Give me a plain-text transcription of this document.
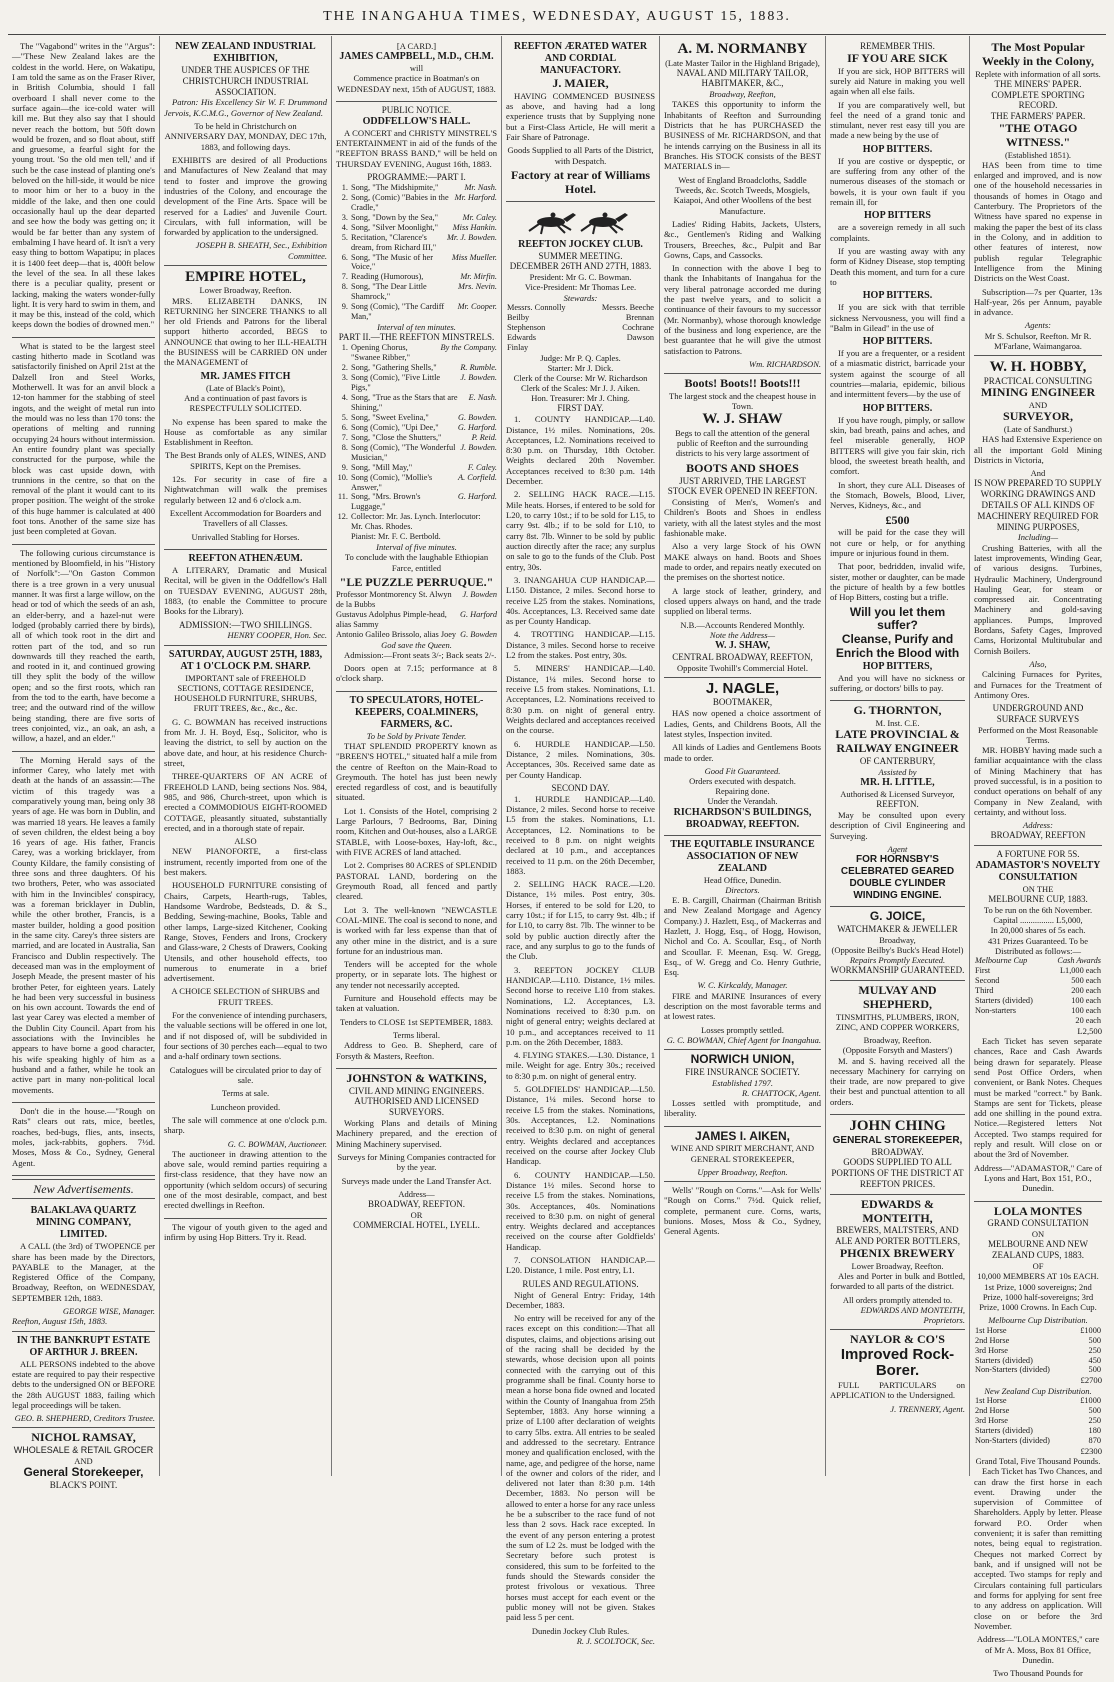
THE INANGAHUA TIMES, WEDNESDAY, AUGUST 15, 1883.

The "Vagabond" writes in the "Argus":—"These New Zealand lakes are the coldest in the world. Here, on Wakatipu, I am told the same as on the Fraser River, in British Columbia, should I fall overboard I shall never come to the surface again—the ice-cold water will kill me. But they also say that I should never reach the bottom, but 50ft down would be frozen, and so float about, stiff and gruesome, a fearful sight for the young trout. 'So the old men tell,' and if such be the case instead of planting one's beloved on the hill-side, it would be nice to moor him or her to a buoy in the middle of the lake, and then one could occasionally haul up the dear departed and see how the body was getting on; it would be far better than any system of embalming I have heard of. It isn't a very easy thing to bottom Wapatipu; in places it is 1400 feet deep—that is, 400ft below the level of the sea. In all these lakes there is a peculiar quality, present or lacking, making the waters wonder-fully light. It is very hard to swim in them, and it may be this, instead of the cold, which keeps down the bodies of drowned men."

What is stated to be the largest steel casting hitherto made in Scotland was satisfactorily finished on April 21st at the Dalzell Iron and Steel Works, Motherwell. It was for an anvil block a 12-ton hammer for the stabbing of steel ingots, and the weight of metal run into the mould was no less than 170 tons: the operations of melting and running occupying 24 hours without intermission. An entire foundry plant was specially constructed for the purpose, while the block was cast upside down, with trunnions in the centre, so that on the removal of the plant it would cant to its proper position. The weight of the stroke of this huge hammer is calculated at 400 foot tons. Another of the same size has just been completed at Govan.

The following curious circumstance is mentioned by Bloomfield, in his "History of Norfolk":—"On Gaston Common there is a tree grown in a very unusual manner. It was first a large willow, on the head or tod of which the seeds of an ash, an elder-berry, and a hazel-nut were lodged (probably carried there by birds), all of which took root in the dirt and rotten part of the tod, and so run downwards till they reached the earth, and rooted in it, and continued growing till they split the body of the willow open; and so the first roots, which ran from the tod to the earth, have become a tree; and the outward rind of the willow being standing, there are five sorts of trees conjointed, viz., an oak, an ash, a willow, a hazel, and an elder."

The Morning Herald says of the informer Carey, who lately met with death at the hands of an assassin:—The victim of this tragedy was a comparatively young man, being only 38 years of age. He was born in Dublin, and was married 18 years. He leaves a family of seven children, the eldest being a boy 16 years of age. His father, Francis Carey, was a working bricklayer, from County Kildare, the family consisting of three sons and three daughters. Of his two brothers, Peter, who was associated with him in the Invincibles' conspiracy, was a foreman bricklayer in Dublin, while the other brother, Francis, is a master builder, holding a good position in the same city. Carey's three sisters are married, and are located in Australia, San Francisco and Dublin respectively. The deceased man was in the employment of Joseph Meade, the present master of his brother Peter, for eighteen years. Lately he had been very successful in business on his own account. Towards the end of last year Carey was elected a member of the Dublin City Council. Apart from his associations with the Invincibles he appears to have borne a good character, his wife speaking highly of him as a husband and a father, while he took an active part in many non-political local movements.

Don't die in the house.—"Rough on Rats" clears out rats, mice, beetles, roaches, bed-bugs, flies, ants, insects, moles, jack-rabbits, gophers. 7½d. Moses, Moss & Co., Sydney, General Agent.

New Advertisements.
BALAKLAVA QUARTZ MINING COMPANY, LIMITED.

A CALL (the 3rd) of TWOPENCE per share has been made by the Directors, PAYABLE to the Manager, at the Registered Office of the Company, Broadway, Reefton, on WEDNESDAY, SEPTEMBER 12th, 1883.

GEORGE WISE, Manager.
Reefton, August 15th, 1883.
IN THE BANKRUPT ESTATE OF ARTHUR J. BREEN.

ALL PERSONS indebted to the above estate are required to pay their respective debts to the undersigned ON or BEFORE the 28th AUGUST 1883, failing which legal proceedings will be taken.

GEO. B. SHEPHERD, Creditors Trustee.
NICHOL RAMSAY,
WHOLESALE & RETAIL GROCER
AND
General Storekeeper,
BLACK'S POINT.
NEW ZEALAND INDUSTRIAL EXHIBITION,
UNDER THE AUSPICES OF THE CHRISTCHURCH INDUSTRIAL ASSOCIATION.

Patron: His Excellency Sir W. F. Drummond Jervois, K.C.M.G., Governor of New Zealand.

To be held in Christchurch on ANNIVERSARY DAY, MONDAY, DEC 17th, 1883, and following days.

EXHIBITS are desired of all Productions and Manufactures of New Zealand that may tend to foster and improve the growing industries of the Colony, and encourage the development of the Fine Arts. Space will be reserved for a Ladies' and Juvenile Court. Circulars, with full information, will be forwarded by application to the undersigned.

JOSEPH B. SHEATH, Sec., Exhibition Committee.
EMPIRE HOTEL,
Lower Broadway, Reefton.

MRS. ELIZABETH DANKS, IN RETURNING her SINCERE THANKS to all her old Friends and Patrons for the liberal support hitherto accorded, BEGS to ANNOUNCE that owing to her ILL-HEALTH the BUSINESS will be CARRIED ON under the MANAGEMENT of

MR. JAMES FITCH
(Late of Black's Point),

And a continuation of past favors is RESPECTFULLY SOLICITED.

No expense has been spared to make the House as comfortable as any similar Establishment in Reefton.

The Best Brands only of ALES, WINES, AND SPIRITS, Kept on the Premises.

12s. For security in case of fire a Nightwatchman will walk the premises regularly between 12 and 6 o'clock a.m.

Excellent Accommodation for Boarders and Travellers of all Classes.

Unrivalled Stabling for Horses.

REEFTON ATHENÆUM.

A LITERARY, Dramatic and Musical Recital, will be given in the Oddfellow's Hall on TUESDAY EVENING, AUGUST 28th, 1883, (to enable the Committee to procure Books for the Library).

ADMISSION:—TWO SHILLINGS.
HENRY COOPER, Hon. Sec.
SATURDAY, AUGUST 25TH, 1883, AT 1 O'CLOCK P.M. SHARP.

IMPORTANT sale of FREEHOLD SECTIONS, COTTAGE RESIDENCE, HOUSEHOLD FURNITURE, SHRUBS, FRUIT TREES, &c., &c., &c.

G. C. BOWMAN has received instructions from Mr. J. H. Boyd, Esq., Solicitor, who is leaving the district, to sell by auction on the above date, and hour, at his residence Church-street,

THREE-QUARTERS OF AN ACRE of FREEHOLD LAND, being sections Nos. 984, 985, and 986, Church-street, upon which is erected a COMMODIOUS EIGHT-ROOMED COTTAGE, pleasantly situated, substantially erected, and in a thorough state of repair.

ALSO

NEW PIANOFORTE, a first-class instrument, recently imported from one of the best makers.

HOUSEHOLD FURNITURE consisting of Chairs, Carpets, Hearth-rugs, Tables, Handsome Wardrobe, Bedsteads, D. & S., Bedding, Sewing-machine, Books, Table and other lamps, Large-sized Kitchener, Cooking Range, Stoves, Fenders and Irons, Crockery and Glass-ware, 2 Chests of Drawers, Cooking Utensils, and other household effects, too numerous to enumerate in a brief advertisement.

A CHOICE SELECTION of SHRUBS and FRUIT TREES.

For the convenience of intending purchasers, the valuable sections will be offered in one lot, and if not disposed of, will be subdivided in four sections of 30 perches each—equal to two and a-half ordinary town sections.

Catalogues will be circulated prior to day of sale.

Terms at sale.

Luncheon provided.

The sale will commence at one o'clock p.m. sharp.

G. C. BOWMAN, Auctioneer.

The auctioneer in drawing attention to the above sale, would remind parties requiring a first-class residence, that they have now an opportunity (which seldom occurs) of securing one of the most desirable, compact, and best erected dwellings in Reefton.

The vigour of youth given to the aged and infirm by using Hop Bitters. Try it. Read.

[A CARD.]
JAMES CAMPBELL, M.D., CH.M.
will

Commence practice in Boatman's on WEDNESDAY next, 15th of AUGUST, 1883.

PUBLIC NOTICE.
ODDFELLOW'S HALL.

A CONCERT and CHRISTY MINSTREL'S ENTERTAINMENT in aid of the funds of the "REEFTON BRASS BAND," will be held on THURSDAY EVENING, August 16th, 1883.

PROGRAMME:—PART I.
1. Song, "The Midshipmite,"	Mr. Nash.
2. Song, (Comic) "Babies in the Cradle,"
Mr. Harford.
3. Song, "Down by the Sea,"	Mr. Caley.
4. Song, "Silver Moonlight,"	Miss Hankin.
5. Recitation, "Clarence's dream, from Richard III,"
Mr. J. Bowden.
6. Song, "The Music of her Voice,"
Miss Mueller.
7. Reading (Humorous),	Mr. Mirfin.
8. Song, "The Dear Little Shamrock,"
Mrs. Nevin.
9. Song (Comic), "The Cardiff Man,"
Mr. Cooper.
Interval of ten minutes.
PART II.—THE REEFTON MINSTRELS.
1. Opening Chorus, "Swanee Ribber,"
By the Company.
2. Song, "Gathering Shells,"	R. Rumble.
3. Song (Comic), "Five Little Pigs,"
J. Bowden.
4. Song, "True as the Stars that are Shining,"
E. Nash.
5. Song, "Sweet Evelina,"	G. Bowden.
6. Song (Comic), "Upi Dee,"	G. Harford.
7. Song, "Close the Shutters,"	P. Reid.
8. Song (Comic), "The Wonderful Musician,"
J. Bowden.
9. Song, "Mill May,"	F. Caley.
10. Song (Comic), "Mollie's Answer,"
A. Corfield.
11. Song, "Mrs. Brown's Luggage,"
G. Harford.
12. Collector: Mr. Jas. Lynch. Interlocutor: Mr. Chas. Rhodes.
Pianist: Mr. F. C. Bertbold.
Interval of five minutes.

To conclude with the laughable Ethiopian Farce, entitled

"LE PUZZLE PERRUQUE."
Professor Montmorency St. Alwyn de la Bubbs
J. Bowden
Gustavus Adolphus Pimple-head, alias Sammy
G. Harford
Antonio Galileo Brissolo, alias Joey G. Bowden
God save the Queen.

Admission:—Front seats 3/-; Back seats 2/-.

Doors open at 7.15; performance at 8 o'clock sharp.

TO SPECULATORS, HOTEL-KEEPERS, COALMINERS, FARMERS, &C.
To be Sold by Private Tender.

THAT SPLENDID PROPERTY known as "BREEN'S HOTEL," situated half a mile from the centre of Reefton on the Main-Road to Greymouth. The hotel has just been newly erected regardless of cost, and is beautifully situated.

Lot 1. Consists of the Hotel, comprising 2 Large Parlours, 7 Bedrooms, Bar, Dining room, Kitchen and Out-houses, also a LARGE STABLE, with Loose-boxes, Hay-loft, &c., with FIVE ACRES of land attached.

Lot 2. Comprises 80 ACRES of SPLENDID PASTORAL LAND, bordering on the Greymouth Road, all fenced and partly cleared.

Lot 3. The well-known "NEWCASTLE COAL-MINE. The coal is second to none, and is worked with far less expense than that of any other mine in the district, and is a sure fortune for an industrious man.

Tenders will be accepted for the whole property, or in separate lots. The highest or any tender not necessarily accepted.

Furniture and Household effects may be taken at valuation.

Tenders to CLOSE 1st SEPTEMBER, 1883.

Terms liberal.

Address to Geo. B. Shepherd, care of Forsyth & Masters, Reefton.

JOHNSTON & WATKINS,
CIVIL AND MINING ENGINEERS.
AUTHORISED AND LICENSED SURVEYORS.

Working Plans and details of Mining Machinery prepared, and the erection of Mining Machinery supervised.

Surveys for Mining Companies contracted for by the year.

Surveys made under the Land Transfer Act.

Address—
BROADWAY, REEFTON.
OR
COMMERCIAL HOTEL, LYELL.
REEFTON ÆRATED WATER AND CORDIAL MANUFACTORY.
J. MAIER,

HAVING COMMENCED BUSINESS as above, and having had a long experience trusts that by Supplying none but a First-Class Article, He will merit a Fair Share of Patronage.

Goods Supplied to all Parts of the District, with Despatch.

Factory at rear of Williams Hotel.
REEFTON JOCKEY CLUB.
SUMMER MEETING.
DECEMBER 26TH AND 27TH, 1883.
President: Mr G. C. Bowman.
Vice-President: Mr Thomas Lee.
Stewards:
Messrs. Connolly	Messrs. Beeche
Beilby	Brennan
Stephenson	Cochrane
Edwards	Dawson
Finlay	
Judge: Mr P. Q. Caples.
Starter: Mr J. Dick.
Clerk of the Course: Mr W. Richardson
Clerk of the Scales: Mr J. J. Aiken.
Hon. Treasurer: Mr J. Ching.
FIRST DAY.

1. COUNTY HANDICAP.—L40. Distance, 1½ miles. Nominations, 20s. Acceptances, L2. Nominations received to 8:30 p.m. on Thursday, 18th October. Weights declared 20th November. Acceptances received to 8:30 p.m. 14th December.

2. SELLING HACK RACE.—L15. Mile heats. Horses, if entered to be sold for L20, to carry 10st.; if to be sold for L15, to carry 9st. 4lb.; if to be sold for L10, to carry 8st. 7lb. Winner to be sold by public auction directly after the race; any surplus on sale to go to the funds of the Club. Post entry, 30s.

3. INANGAHUA CUP HANDICAP.—L150. Distance, 2 miles. Second horse to receive L25 from the stakes. Nominations, 40s. Acceptances, L3. Received same date as per County Handicap.

4. TROTTING HANDICAP.—L15. Distance, 3 miles. Second horse to receive L2 from the stakes. Post entry, 30s.

5. MINERS' HANDICAP.—L40. Distance, 1¼ miles. Second horse to receive L5 from stakes. Nominations, L1. Acceptances, L2. Nominations received to 8:30 p.m. on night of general entry. Weights declared and acceptances received on the course.

6. HURDLE HANDICAP.—L50. Distance, 2 miles. Nominations, 30s. Acceptances, 30s. Received same date as per County Handicap.

SECOND DAY.

1. HURDLE HANDICAP.—L40. Distance, 2 miles. Second horse to receive L5 from the stakes. Nominations, L1. Acceptances, L2. Nominations to be received to 8 p.m. on night weights declared at 10 p.m., and acceptances received to 11 p.m. on the 26th December, 1883.

2. SELLING HACK RACE.—L20. Distance, 1½ miles. Post entry, 30s. Horses, if entered to be sold for L20, to carry 10st.; if for L15, to carry 9st. 4lb.; if for L10, to carry 8st. 7lb. The winner to be sold by public auction directly after the race, and any surplus to go to the funds of the Club.

3. REEFTON JOCKEY CLUB HANDICAP.—L110. Distance, 1½ miles. Second horse to receive L10 from stakes. Nominations, L2. Acceptances, L3. Nominations received to 8:30 p.m. on night of general entry; weights declared at 10 p.m., and acceptances received to 11 p.m. on the 26th December, 1883.

4. FLYING STAKES.—L30. Distance, 1 mile. Weight for age. Entry 30s.; received to 8:30 p.m. on night of general entry.

5. GOLDFIELDS' HANDICAP.—L50. Distance, 1¼ miles. Second horse to receive L5 from the stakes. Nominations, 30s. Acceptances, L2. Nominations received to 8:30 p.m. on night of general entry. Weights declared and acceptances received on the course after Jockey Club Handicap.

6. COUNTY HANDICAP.—L50. Distance 1½ miles. Second horse to receive L5 from the stakes. Nominations, 30s. Acceptances, 40s. Nominations received to 8:30 p.m. on night of general entry. Weights declared and acceptances received on the course after Goldfields' Handicap.

7. CONSOLATION HANDICAP.—L20. Distance, 1 mile. Post entry, L1.

RULES AND REGULATIONS.

Night of General Entry: Friday, 14th December, 1883.

No entry will be received for any of the races except on this condition:—That all disputes, claims, and objections arising out of the racing shall be decided by the stewards, whose decision upon all points connected with the carrying out of this programme shall be final. County horse to mean a horse bona fide owned and located within the County of Inangahua from 25th September, 1883. Any horse winning a prize of L100 after declaration of weights to carry 5lbs. extra. All entries to be sealed and addressed to the secretary. Entrance money and qualification enclosed, with the name, age, and pedigree of the horse, name of the owner and colors of the rider, and delivered not later than 8:30 p.m. 14th December, 1883. No person will be allowed to enter a horse for any race unless he be a subscriber to the race fund of not less than 2 sovs. Hack race excepted. In the event of any person entering a protest the sum of L2 2s. must be lodged with the Secretary before such protest is considered, this sum to be forfeited to the funds should the Stewards consider the protest frivolous or vexatious. Three horses must accept for each event or the public money will not be given. Stakes paid less 5 per cent.

Dunedin Jockey Club Rules.
R. J. SCOLTOCK, Sec.
A. M. NORMANBY
(Late Master Tailor in the Highland Brigade),
NAVAL AND MILITARY TAILOR, HABITMAKER, &C.,
Broadway, Reefton,

TAKES this opportunity to inform the Inhabitants of Reefton and Surrounding Districts that he has PURCHASED the BUSINESS of Mr. RICHARDSON, and that he intends carrying on the Business in all its Branches. His STOCK consists of the BEST MATERIALS in—

West of England Broadcloths, Saddle Tweeds, &c. Scotch Tweeds, Mosgiels, Kaiapoi, And other Woollens of the best Manufacture.

Ladies' Riding Habits, Jackets, Ulsters, &c., Gentlemen's Riding and Walking Trousers, Breeches, &c., Pulpit and Bar Gowns, Caps, and Cassocks.

In connection with the above I beg to thank the Inhabitants of Inangahua for the very liberal patronage accorded me during the past twelve years, and to solicit a continuance of their favours to my successor (Mr. Normanby), whose thorough knowledge of the business and long experience, are the best guarantee that he will give the utmost satisfaction to Patrons.

Wm. RICHARDSON.
Boots! Boots!! Boots!!!
The largest stock and the cheapest house in Town.
W. J. SHAW

Begs to call the attention of the general public of Reefton and the surrounding districts to his very large assortment of

BOOTS AND SHOES
JUST ARRIVED, THE LARGEST STOCK EVER OPENED IN REEFTON.

Consisting of Men's, Women's and Children's Boots and Shoes in endless variety, with all the latest styles and the most fashionable make.

Also a very large Stock of his OWN MAKE always on hand. Boots and Shoes made to order, and repairs neatly executed on the premises on the shortest notice.

A large stock of leather, grindery, and closed uppers always on hand, and the trade supplied on liberal terms.

N.B.—Accounts Rendered Monthly.
Note the Address—
W. J. SHAW,
CENTRAL BROADWAY, REEFTON,
Opposite Twohill's Commercial Hotel.
J. NAGLE,
BOOTMAKER,

HAS now opened a choice assortment of Ladies, Gents, and Childrens Boots, All the latest styles, Inspection invited.

All kinds of Ladies and Gentlemens Boots made to order.

Good Fit Guaranteed.
Orders executed with despatch.
Repairing done.
Under the Verandah.
RICHARDSON'S BUILDINGS, BROADWAY, REEFTON.
THE EQUITABLE INSURANCE ASSOCIATION OF NEW ZEALAND
Head Office, Dunedin.
Directors.

E. B. Cargill, Chairman (Chairman British and New Zealand Mortgage and Agency Company.) J. Hazlett, Esq., of Mackerras and Hazlett, J. Hogg, Esq., of Hogg, Howison, Nichol and Co. A. Scoullar, Esq., of North and Scoullar. F. Meenan, Esq. W. Gregg, Esq., of W. Gregg and Co. Henry Guthrie, Esq.

W. C. Kirkcaldy, Manager.

FIRE and MARINE Insurances of every description on the most favorable terms and at lowest rates.

Losses promptly settled.
G. C. BOWMAN, Chief Agent for Inangahua.
NORWICH UNION,
FIRE INSURANCE SOCIETY.
Established 1797.
R. CHATTOCK, Agent.

Losses settled with promptitude, and liberality.

JAMES I. AIKEN,

WINE AND SPIRIT MERCHANT, AND GENERAL STOREKEEPER,

Upper Broadway, Reefton.

Wells' "Rough on Corns."—Ask for Wells' "Rough on Corns." 7½d. Quick relief, complete, permanent cure. Corns, warts, bunions. Moses, Moss & Co., Sydney, General Agents.

REMEMBER THIS.
IF YOU ARE SICK

If you are sick, HOP BITTERS will surely aid Nature in making you well again when all else fails.

If you are comparatively well, but feel the need of a grand tonic and stimulant, never rest easy till you are made a new being by the use of

HOP BITTERS.

If you are costive or dyspeptic, or are suffering from any other of the numerous diseases of the stomach or bowels, it is your own fault if you remain ill, for

HOP BITTERS

are a sovereign remedy in all such complaints.

If you are wasting away with any form of Kidney Disease, stop tempting Death this moment, and turn for a cure to

HOP BITTERS.

If you are sick with that terrible sickness Nervousness, you will find a "Balm in Gilead" in the use of

HOP BITTERS.

If you are a frequenter, or a resident of a miasmatic district, barricade your system against the scourge of all countries—malaria, epidemic, bilious and intermittent fevers—by the use of

HOP BITTERS.

If you have rough, pimply, or sallow skin, bad breath, pains and aches, and feel miserable generally, HOP BITTERS will give you fair skin, rich blood, the sweetest breath health, and comfort.

In short, they cure ALL Diseases of the Stomach, Bowels, Blood, Liver, Nerves, Kidneys, &c., and

£500

will be paid for the case they will not cure or help, or for anything impure or injurious found in them.

That poor, bedridden, invalid wife, sister, mother or daughter, can be made the picture of health by a few bottles of Hop Bitters, costing but a trifle.

Will you let them suffer?
Cleanse, Purify and Enrich the Blood with
HOP BITTERS,

And you will have no sickness or suffering, or doctors' bills to pay.

G. THORNTON,
M. Inst. C.E.
LATE PROVINCIAL & RAILWAY ENGINEER
OF CANTERBURY,
Assisted by
MR. H. LITTLE,
Authorised & Licensed Surveyor,
REEFTON.

May be consulted upon every description of Civil Engineering and Surveying.

Agent
FOR HORNSBY'S CELEBRATED GEARED DOUBLE CYLINDER WINDING ENGINE.
G. JOICE,
WATCHMAKER & JEWELLER
Broadway,
(Opposite Beilby's Buck's Head Hotel)
Repairs Promptly Executed.
WORKMANSHIP GUARANTEED.
MULVAY AND SHEPHERD,

TINSMITHS, PLUMBERS, IRON, ZINC, AND COPPER WORKERS,

Broadway, Reefton.
(Opposite Forsyth and Masters')

M. and S. having received all the necessary Machinery for carrying on their trade, are now prepared to give their best and punctual attention to all orders.

JOHN CHING
GENERAL STOREKEEPER,
BROADWAY.
GOODS SUPPLIED TO ALL PORTIONS OF THE DISTRICT AT REEFTON PRICES.
EDWARDS & MONTEITH,
BREWERS, MALTSTERS, AND ALE AND PORTER BOTTLERS,
PHŒNIX BREWERY
Lower Broadway, Reefton.

Ales and Porter in bulk and Bottled, forwarded to all parts of the district.

All orders promptly attended to.
EDWARDS AND MONTEITH, Proprietors.
NAYLOR & CO'S
Improved Rock-Borer.

FULL PARTICULARS on APPLICATION to the Undersigned.

J. TRENNERY, Agent.
The Most Popular Weekly in the Colony,
Replete with information of all sorts.
THE MINERS' PAPER.
COMPLETE SPORTING RECORD.
THE FARMERS' PAPER.
"THE OTAGO WITNESS."
(Established 1851).

HAS been from time to time enlarged and improved, and is now one of the household necessaries in thousands of homes in Otago and Canterbury. The Proprietors of the Witness have spared no expense in making the paper the best of its class in the Colony, and in addition to other features of interest, now publish regular Telegraphic Intelligence from the Mining Districts on the West Coast.

Subscription—7s per Quarter, 13s Half-year, 26s per Annum, payable in advance.

Agents:
Mr S. Schulsor, Reefton. Mr R. M'Farlane, Waimangaroa.
W. H. HOBBY,
PRACTICAL CONSULTING
MINING ENGINEER
AND
SURVEYOR,
(Late of Sandhurst.)

HAS had Extensive Experience on all the important Gold Mining Districts in Victoria,

And
IS NOW PREPARED TO SUPPLY WORKING DRAWINGS AND DETAILS OF ALL KINDS OF MACHINERY REQUIRED FOR MINING PURPOSES,
Including—

Crushing Batteries, with all the latest improvements, Winding Gear, of various designs. Turbines, Hydraulic Machinery, Underground Hauling Gear, for steam or compressed air. Concentrating Machinery and gold-saving appliances. Pumps, Improved Bordans, Safety Cages, Improved Cams, Horizontal Multitubular and Cornish Boilers.

Also,

Calcining Furnaces for Pyrites, and Furnaces for the Treatment of Antimony Ores.

UNDERGROUND AND SURFACE SURVEYS
Performed on the Most Reasonable Terms.

MR. HOBBY having made such a familiar acquaintance with the class of Mining Machinery that has proved successful, is in a position to conduct operations on behalf of any Company in New Zealand, with certainty, and without loss.

Address:
BROADWAY, REEFTON
A FORTUNE FOR 5S.
ADAMASTOR'S NOVELTY CONSULTATION
ON THE
MELBOURNE CUP, 1883.
To be run on the 6th November.
Capital ................ L5,000,
In 20,000 shares of 5s each.
431 Prizes Guaranteed. To be Distributed as follows:—
Melbourne Cup	Cash Awards
First	L1,000 each
Second	500 each
Third	200 each
Starters (divided)	100 each
Non-starters	100 each
	20 each
L2,500

Each Ticket has seven separate chances, Race and Cash Awards being drawn for separately. Please send Post Office Orders, when convenient, or Bank Notes. Cheques must be marked "correct." by Bank. Stamps are sent for Tickets, please add one shilling in the pound extra. Notice.—Registered letters Not Accepted. Two stamps required for reply and result. Will close on or about the 3rd of November.

Address—"ADAMASTOR," Care of Lyons and Hart, Box 151, P.O., Dunedin.

LOLA MONTES
GRAND CONSULTATION
ON
MELBOURNE AND NEW ZEALAND CUPS, 1883.
OF

10,000 MEMBERS AT 10s EACH. 1st Prize, 1000 sovereigns; 2nd Prize, 1000 half-sovereigns; 3rd Prize, 1000 Crowns. In Each Cup.

Melbourne Cup Distribution.
1st Horse	£1000
2nd Horse	500
3rd Horse	250
Starters (divided)	450
Non-Starters (divided)	500
£2700
New Zealand Cup Distribution.
1st Horse	£1000
2nd Horse	500
3rd Horse	250
Starters (divided)	180
Non-Starters (divided)	870
£2300
Grand Total, Five Thousand Pounds.

Each Ticket has Two Chances, and can draw the first horse in each event. Drawing under the supervision of Committee of Shareholders. Apply by letter. Please forward P.O. Order when convenient; it is safer than remitting notes, being equal to registration. Cheques not marked Correct by bank, and if unsigned will not be accepted. Two stamps for reply and Circulars containing full particulars and forms for applying for sent free to any address on application. Will close on or before the 3rd November.

Address—"LOLA MONTES," care of Mr A. Moss, Box 81 Office, Dunedin.

Two Thousand Pounds for
